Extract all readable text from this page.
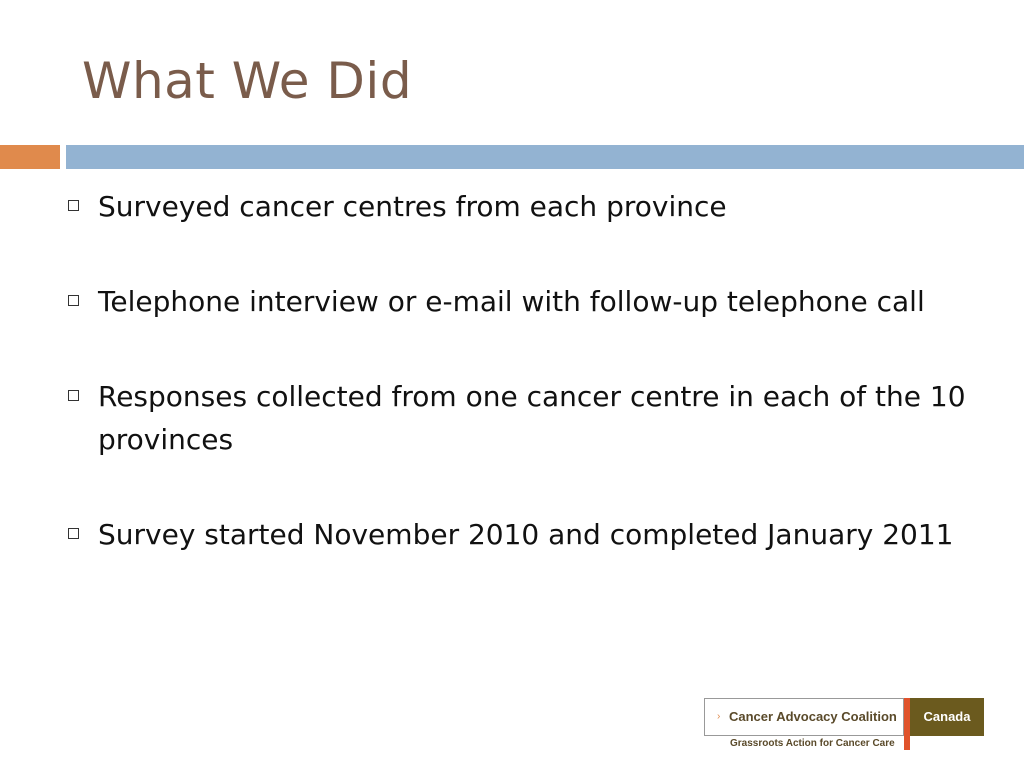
What We Did
Surveyed cancer centres from each province
Telephone interview or e-mail with follow-up telephone call
Responses collected from one cancer centre in each of the 10 provinces
Survey started November 2010 and completed January 2011
› Cancer Advocacy Coalition	Canada
Grassroots Action for Cancer Care
